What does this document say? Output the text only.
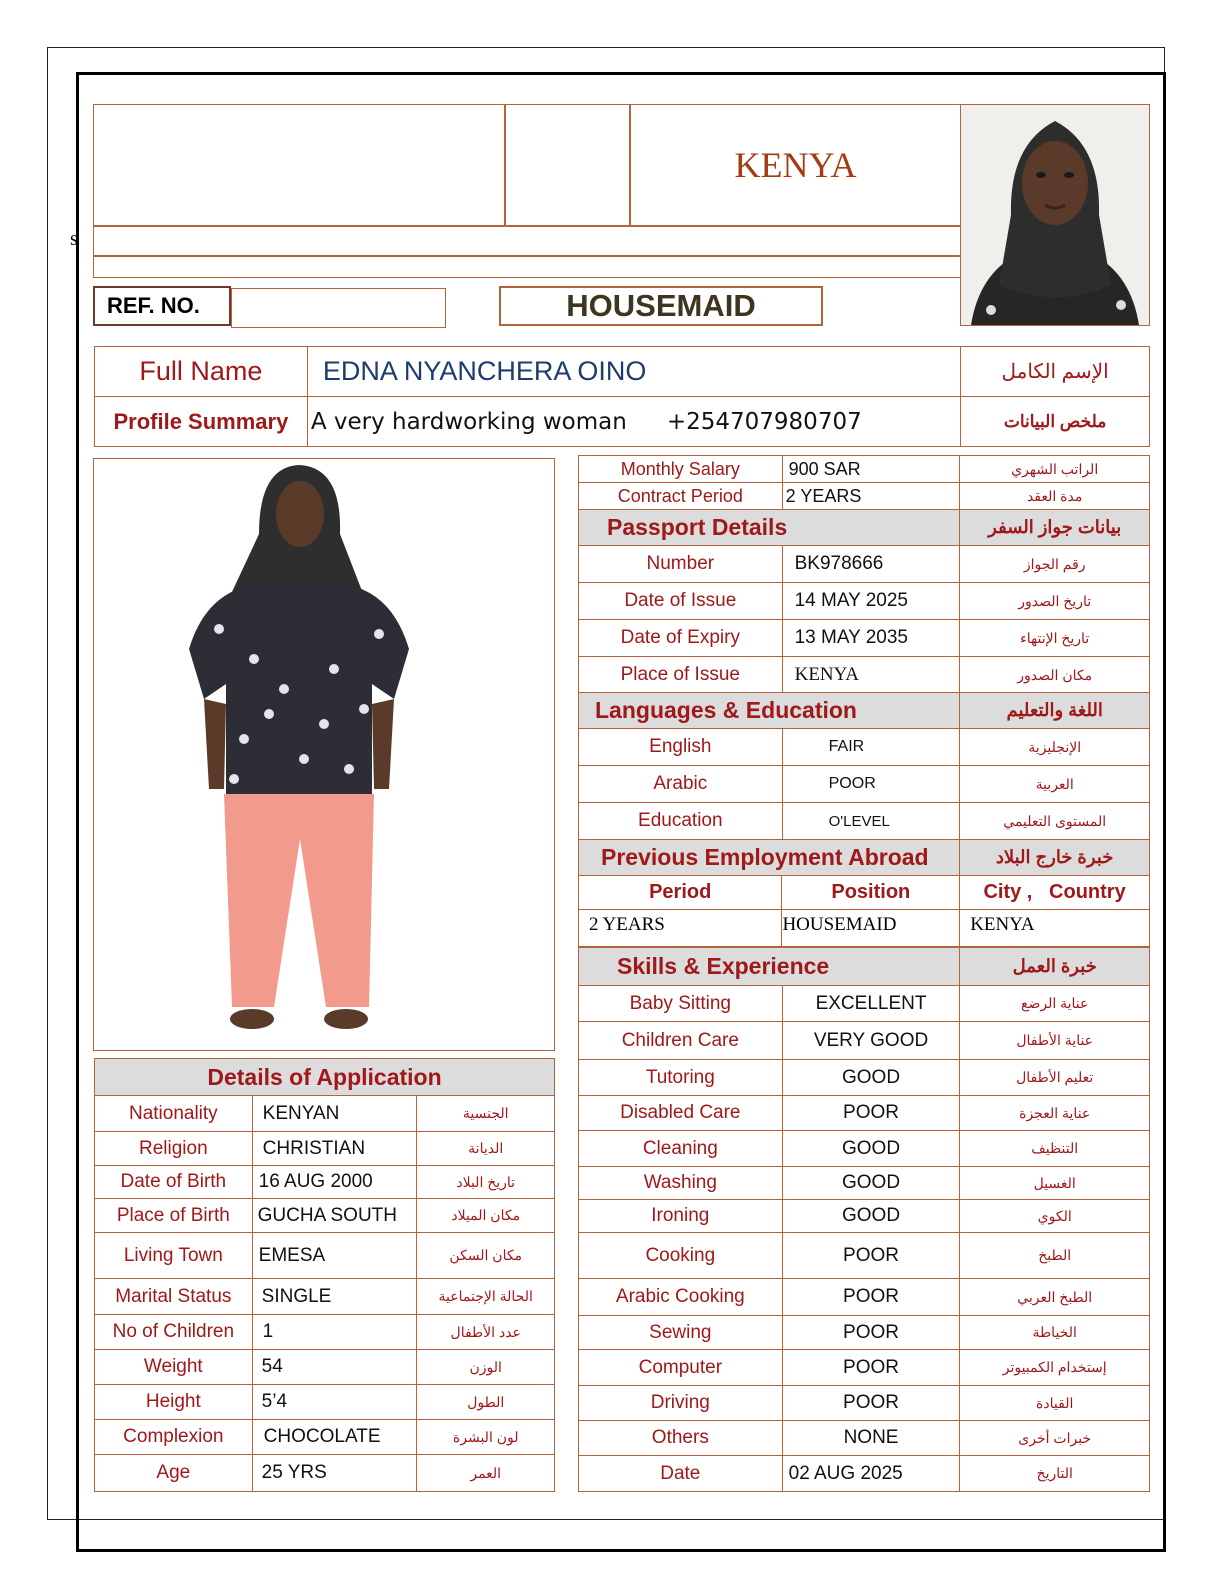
s
KENYA
REF. NO.	HOUSEMAID
Full Name	EDNA NYANCHERA OINO	الإسم الكامل
Profile Summary	A very hardworking woman +254707980707	ملخص البيانات
Monthly Salary	900 SAR	الراتب الشهري
Contract Period	2 YEARS	مدة العقد
Passport Details		بيانات جواز السفر
Number	BK978666	رقم الجواز
Date of Issue	14 MAY 2025	تاريخ الصدور
Date of Expiry	13 MAY 2035	تاريخ الإنتهاء
Place of Issue	KENYA	مكان الصدور
Languages & Education		اللغة والتعليم
English	FAIR	الإنجليزية
Arabic	POOR	العربية
Education	O'LEVEL	المستوى التعليمي
Previous Employment Abroad		خبرة خارج البلاد
Period	Position	City ,   Country
2 YEARS	HOUSEMAID	KENYA
Skills & Experience		خبرة العمل
Baby Sitting	EXCELLENT	عناية الرضع
Children Care	VERY GOOD	عناية الأطفال
Tutoring	GOOD	تعليم الأطفال
Disabled Care	POOR	عناية العجزة
Cleaning	GOOD	التنظيف
Washing	GOOD	الغسيل
Ironing	GOOD	الكوي
Cooking	POOR	الطبخ
Arabic Cooking	POOR	الطبخ العربي
Sewing	POOR	الخياطة
Computer	POOR	إستخدام الكمبيوتر
Driving	POOR	القيادة
Others	NONE	خبرات أخرى
Date	02 AUG 2025	التاريخ
Details of Application		
Nationality	KENYAN	الجنسية
Religion	CHRISTIAN	الديانة
Date of Birth	16 AUG 2000	تاريخ البلاد
Place of Birth	GUCHA SOUTH	مكان الميلاد
Living Town	EMESA	مكان السكن
Marital Status	SINGLE	الحالة الإجتماعية
No of Children	1	عدد الأطفال
Weight	54	الوزن
Height	5’4	الطول
Complexion	CHOCOLATE	لون البشرة
Age	25 YRS	العمر
